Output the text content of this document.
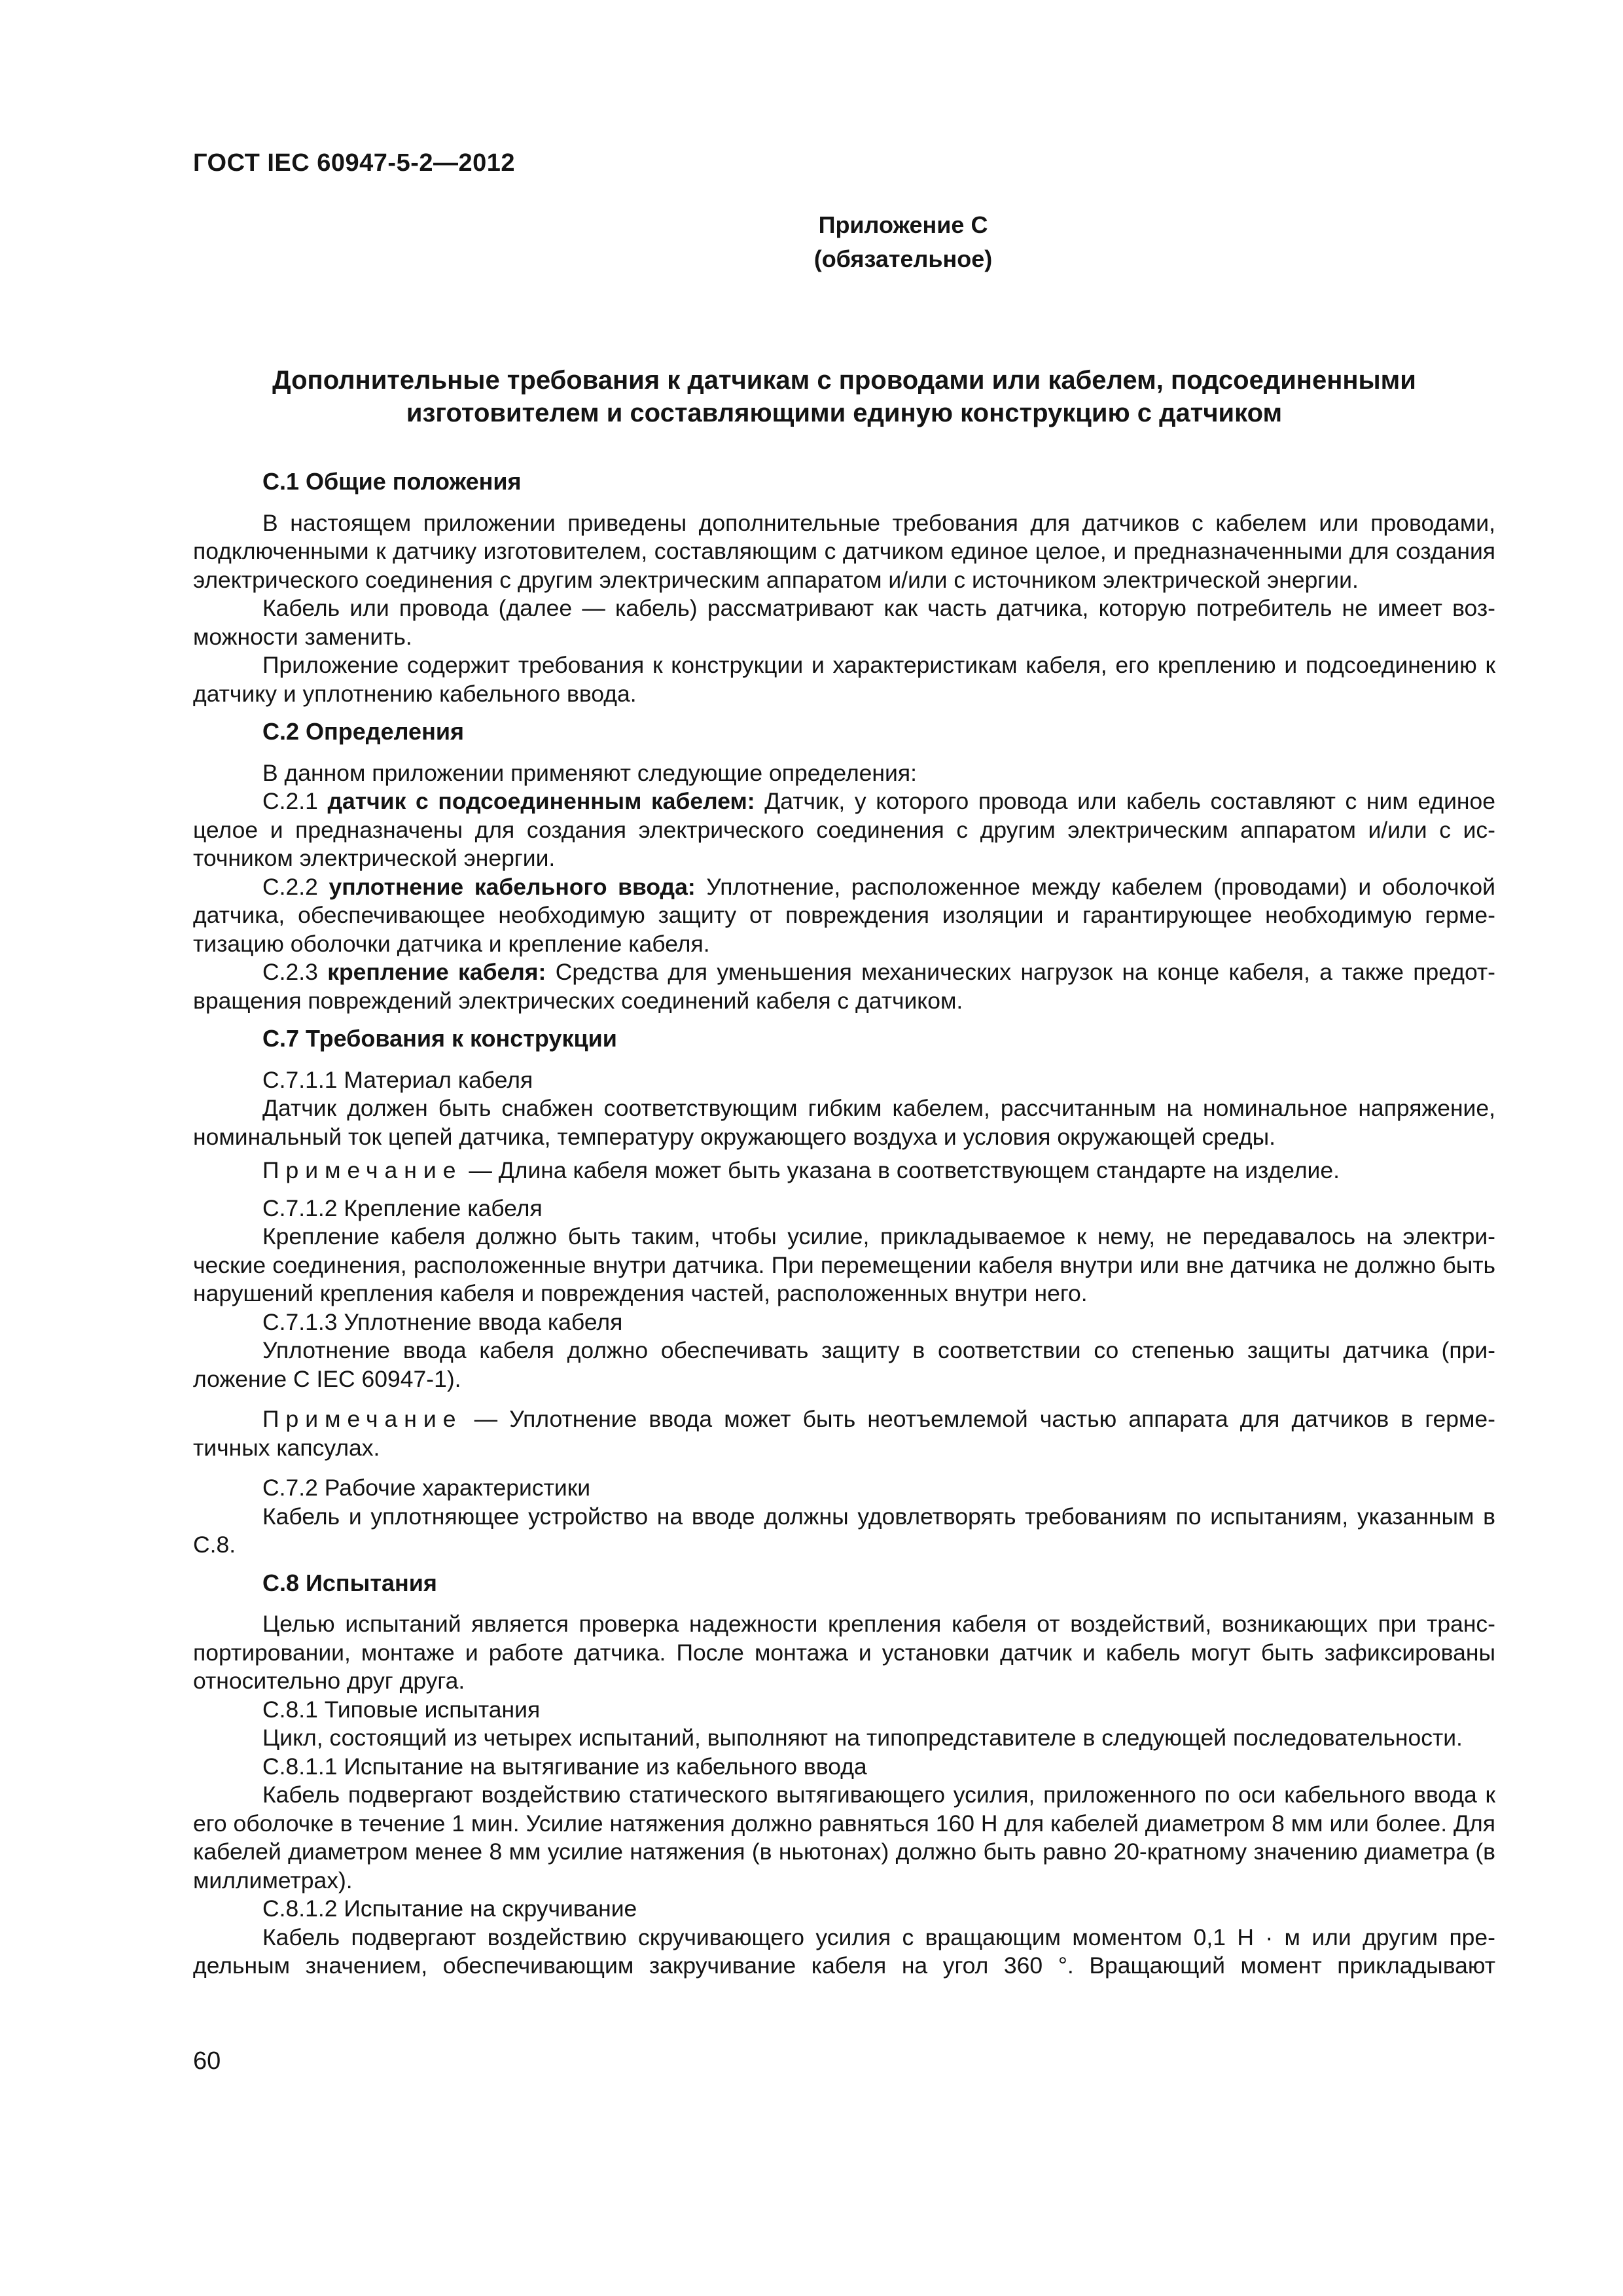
ГОСТ IEC 60947-5-2—2012
Приложение С
(обязательное)
Дополнительные требования к датчикам с проводами или кабелем, подсоединенными
изготовителем и составляющими единую конструкцию с датчиком
С.1 Общие положения

В настоящем приложении приведены дополнительные требования для датчиков с кабелем или проводами, подключенными к датчику изготовителем, составляющим с датчиком единое целое, и предназначенными для создания электрического соединения с другим электрическим аппаратом и/или с источником электрической энергии.

Кабель или провода (далее — кабель) рассматривают как часть датчика, которую потребитель не имеет возможности заменить.

Приложение содержит требования к конструкции и характеристикам кабеля, его креплению и подсоединению к датчику и уплотнению кабельного ввода.

С.2 Определения

В данном приложении применяют следующие определения:

С.2.1 датчик с подсоединенным кабелем: Датчик, у которого провода или кабель составляют с ним единое целое и предназначены для создания электрического соединения с другим электрическим аппаратом и/или с источником электрической энергии.

С.2.2 уплотнение кабельного ввода: Уплотнение, расположенное между кабелем (проводами) и оболочкой датчика, обеспечивающее необходимую защиту от повреждения изоляции и гарантирующее необходимую герметизацию оболочки датчика и крепление кабеля.

С.2.3 крепление кабеля: Средства для уменьшения механических нагрузок на конце кабеля, а также предотвращения повреждений электрических соединений кабеля с датчиком.

С.7 Требования к конструкции

С.7.1.1 Материал кабеля

Датчик должен быть снабжен соответствующим гибким кабелем, рассчитанным на номинальное напряжение, номинальный ток цепей датчика, температуру окружающего воздуха и условия окружающей среды.

Примечание — Длина кабеля может быть указана в соответствующем стандарте на изделие.

С.7.1.2 Крепление кабеля

Крепление кабеля должно быть таким, чтобы усилие, прикладываемое к нему, не передавалось на электрические соединения, расположенные внутри датчика. При перемещении кабеля внутри или вне датчика не должно быть нарушений крепления кабеля и повреждения частей, расположенных внутри него.

С.7.1.3 Уплотнение ввода кабеля

Уплотнение ввода кабеля должно обеспечивать защиту в соответствии со степенью защиты датчика (приложение С IEC 60947-1).

Примечание — Уплотнение ввода может быть неотъемлемой частью аппарата для датчиков в герметичных капсулах.

С.7.2 Рабочие характеристики

Кабель и уплотняющее устройство на вводе должны удовлетворять требованиям по испытаниям, указанным в С.8.

С.8 Испытания

Целью испытаний является проверка надежности крепления кабеля от воздействий, возникающих при транспортировании, монтаже и работе датчика. После монтажа и установки датчик и кабель могут быть зафиксированы относительно друг друга.

С.8.1 Типовые испытания

Цикл, состоящий из четырех испытаний, выполняют на типопредставителе в следующей последовательности.

С.8.1.1 Испытание на вытягивание из кабельного ввода

Кабель подвергают воздействию статического вытягивающего усилия, приложенного по оси кабельного ввода к его оболочке в течение 1 мин. Усилие натяжения должно равняться 160 Н для кабелей диаметром 8 мм или более. Для кабелей диаметром менее 8 мм усилие натяжения (в ньютонах) должно быть равно 20-кратному значению диаметра (в миллиметрах).

С.8.1.2 Испытание на скручивание

Кабель подвергают воздействию скручивающего усилия с вращающим моментом 0,1 Н · м или другим предельным значением, обеспечивающим закручивание кабеля на угол 360 °. Вращающий момент прикладывают

60
